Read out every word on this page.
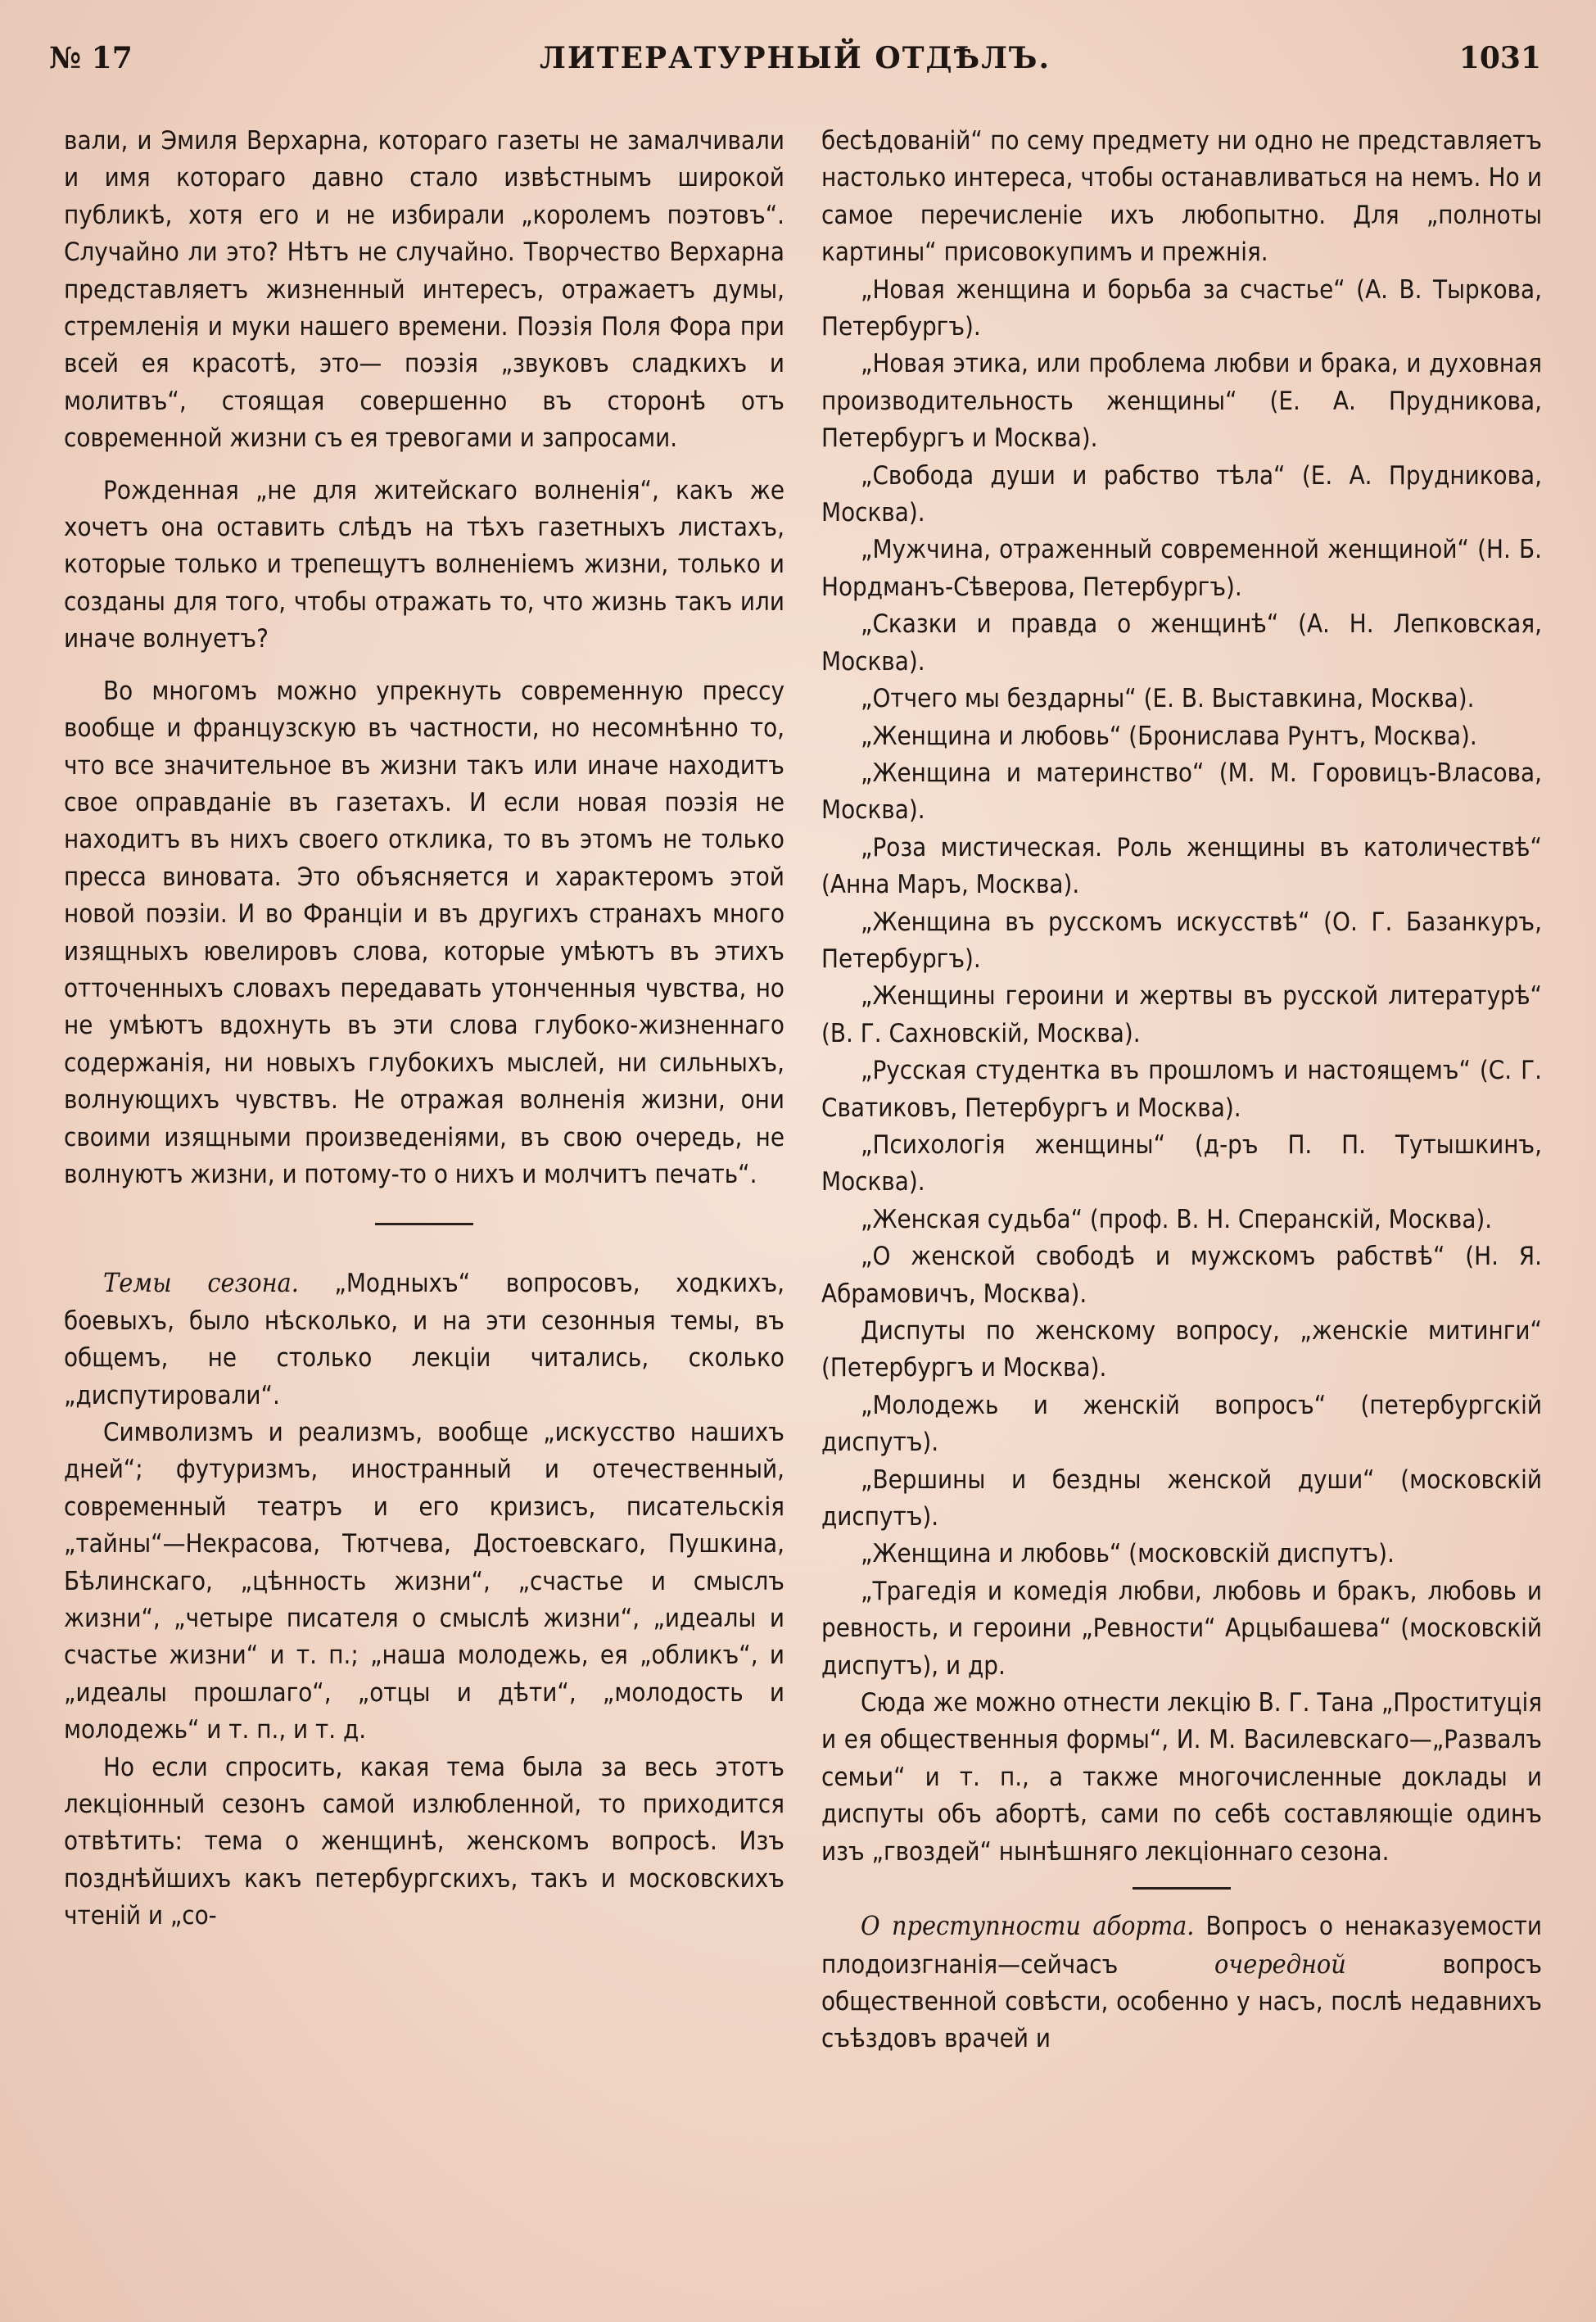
№ 17	ЛИТЕРАТУРНЫЙ ОТДѢЛЪ.	1031

вали, и Эмиля Верхарна, котораго газеты не замалчивали и имя котораго давно стало извѣстнымъ широкой публикѣ, хотя его и не избирали „королемъ поэтовъ“. Случайно ли это? Нѣтъ не случайно. Творчество Верхарна представляетъ жизненный интересъ, отражаетъ думы, стремленія и муки нашего времени. Поэзія Поля Фора при всей ея красотѣ, это— поэзія „звуковъ сладкихъ и молитвъ“, стоящая совершенно въ сторонѣ отъ современной жизни съ ея тревогами и запросами.

Рожденная „не для житейскаго волненія“, какъ же хочетъ она оставить слѣдъ на тѣхъ газетныхъ листахъ, которые только и трепещутъ волненіемъ жизни, только и созданы для того, чтобы отражать то, что жизнь такъ или иначе волнуетъ?

Во многомъ можно упрекнуть современную прессу вообще и французскую въ частности, но несомнѣнно то, что все значительное въ жизни такъ или иначе находитъ свое оправданіе въ газетахъ. И если новая поэзія не находитъ въ нихъ своего отклика, то въ этомъ не только пресса виновата. Это объясняется и характеромъ этой новой поэзіи. И во Франціи и въ другихъ странахъ много изящныхъ ювелировъ слова, которые умѣютъ въ этихъ отточенныхъ словахъ передавать утонченныя чувства, но не умѣютъ вдохнуть въ эти слова глубоко-жизненнаго содержанія, ни новыхъ глубокихъ мыслей, ни сильныхъ, волнующихъ чувствъ. Не отражая волненія жизни, они своими изящными произведеніями, въ свою очередь, не волнуютъ жизни, и потому-то о нихъ и молчитъ печать“.

Темы сезона. „Модныхъ“ вопросовъ, ходкихъ, боевыхъ, было нѣсколько, и на эти сезонныя темы, въ общемъ, не столько лекціи читались, сколько „диспутировали“.

Символизмъ и реализмъ, вообще „искусство нашихъ дней“; футуризмъ, иностранный и отечественный, современный театръ и его кризисъ, писательскія „тайны“—Некрасова, Тютчева, Достоевскаго, Пушкина, Бѣлинскаго, „цѣнность жизни“, „счастье и смыслъ жизни“, „четыре писателя о смыслѣ жизни“, „идеалы и счастье жизни“ и т. п.; „наша молодежь, ея „обликъ“, и „идеалы прошлаго“, „отцы и дѣти“, „молодость и молодежь“ и т. п., и т. д.

Но если спросить, какая тема была за весь этотъ лекціонный сезонъ самой излюбленной, то приходится отвѣтить: тема о женщинѣ, женскомъ вопросѣ. Изъ позднѣйшихъ какъ петербургскихъ, такъ и московскихъ чтеній и „со-

бесѣдованій“ по сему предмету ни одно не представляетъ настолько интереса, чтобы останавливаться на немъ. Но и самое перечисленіе ихъ любопытно. Для „полноты картины“ присовокупимъ и прежнія.

„Новая женщина и борьба за счастье“ (А. В. Тыркова, Петербургъ).

„Новая этика, или проблема любви и брака, и духовная производительность женщины“ (Е. А. Прудникова, Петербургъ и Москва).

„Свобода души и рабство тѣла“ (Е. А. Прудникова, Москва).

„Мужчина, отраженный современной женщиной“ (Н. Б. Нордманъ-Сѣверова, Петербургъ).

„Сказки и правда о женщинѣ“ (А. Н. Лепковская, Москва).

„Отчего мы бездарны“ (Е. В. Выставкина, Москва).

„Женщина и любовь“ (Бронислава Рунтъ, Москва).

„Женщина и материнство“ (М. М. Горовицъ-Власова, Москва).

„Роза мистическая. Роль женщины въ католичествѣ“ (Анна Маръ, Москва).

„Женщина въ русскомъ искусствѣ“ (О. Г. Базанкуръ, Петербургъ).

„Женщины героини и жертвы въ русской литературѣ“ (В. Г. Сахновскій, Москва).

„Русская студентка въ прошломъ и настоящемъ“ (С. Г. Сватиковъ, Петербургъ и Москва).

„Психологія женщины“ (д-ръ П. П. Тутышкинъ, Москва).

„Женская судьба“ (проф. В. Н. Сперанскій, Москва).

„О женской свободѣ и мужскомъ рабствѣ“ (Н. Я. Абрамовичъ, Москва).

Диспуты по женскому вопросу, „женскіе митинги“ (Петербургъ и Москва).

„Молодежь и женскій вопросъ“ (петербургскій диспутъ).

„Вершины и бездны женской души“ (московскій диспутъ).

„Женщина и любовь“ (московскій диспутъ).

„Трагедія и комедія любви, любовь и бракъ, любовь и ревность, и героини „Ревности“ Арцыбашева“ (московскій диспутъ), и др.

Сюда же можно отнести лекцію В. Г. Тана „Проституція и ея общественныя формы“, И. М. Василевскаго—„Развалъ семьи“ и т. п., а также многочисленные доклады и диспуты объ абортѣ, сами по себѣ составляющіе одинъ изъ „гвоздей“ нынѣшняго лекціоннаго сезона.

О преступности аборта. Вопросъ о ненаказуемости плодоизгнанія—сейчасъ	очередной	вопросъ общественной совѣсти, особенно у насъ, послѣ недавнихъ съѣздовъ врачей и
